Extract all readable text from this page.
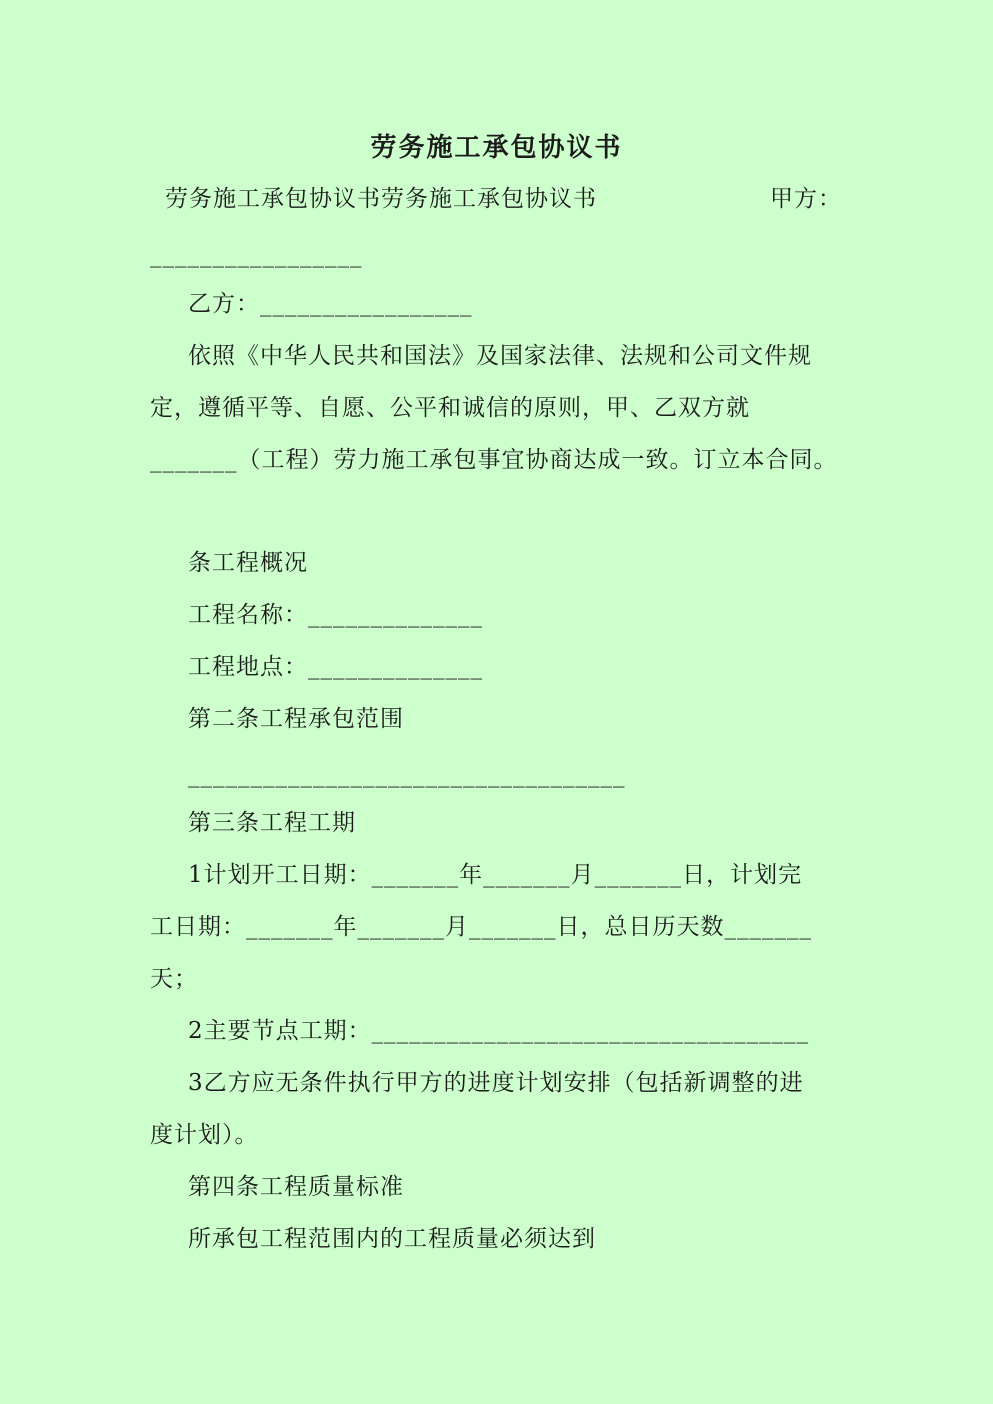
劳务施工承包协议书
劳务施工承包协议书劳务施工承包协议书	甲方：
_________________
乙方：_________________
依照《中华人民共和国法》及国家法律、法规和公司文件规
定，遵循平等、自愿、公平和诚信的原则，甲、乙双方就
_______（工程）劳力施工承包事宜协商达成一致。订立本合同。
条工程概况
工程名称：______________
工程地点：______________
第二条工程承包范围
___________________________________
第三条工程工期
1计划开工日期：_______年_______月_______日，计划完
工日期：_______年_______月_______日，总日历天数_______
天；
2主要节点工期：___________________________________
3乙方应无条件执行甲方的进度计划安排（包括新调整的进
度计划）。
第四条工程质量标准
所承包工程范围内的工程质量必须达到
